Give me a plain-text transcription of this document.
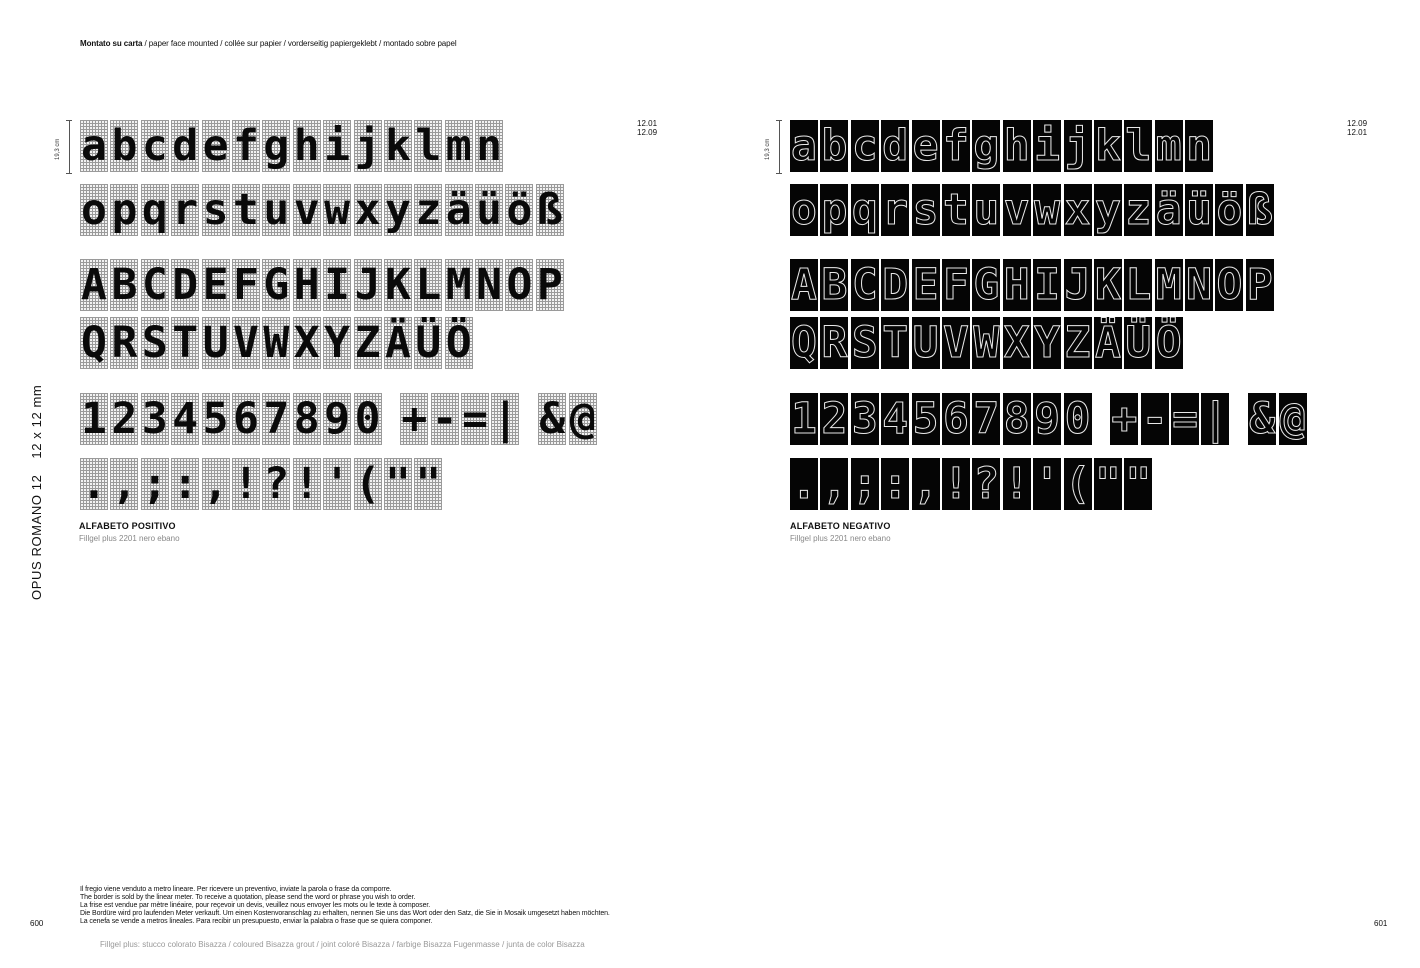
Montato su carta / paper face mounted / collée sur papier / vorderseitig papiergeklebt / montado sobre papel
OPUS ROMANO 1212 x 12 mm
19,3 cm
12.01
12.09
a b c d e f g h i j k l m n
o p q r s t u v w x y z ä ü ö ß
A B C D E F G H I J K L M N O P
Q R S T U V W X Y Z Ä Ü Ö
1 2 3 4 5 6 7 8 9 0 + - = | & @
. , ; : , ! ? ! ' ( " "
ALFABETO POSITIVO
Fillgel plus 2201 nero ebano
19,3 cm
12.09
12.01
a b c d e f g h i j k l m n
o p q r s t u v w x y z ä ü ö ß
A B C D E F G H I J K L M N O P
Q R S T U V W X Y Z Ä Ü Ö
1 2 3 4 5 6 7 8 9 0 + - = | & @
. , ; : , ! ? ! ' ( " "
ALFABETO NEGATIVO
Fillgel plus 2201 nero ebano
Il fregio viene venduto a metro lineare. Per ricevere un preventivo, inviate la parola o frase da comporre.
The border is sold by the linear meter. To receive a quotation, please send the word or phrase you wish to order.
La frise est vendue par mètre linéaire, pour reçevoir un devis, veuillez nous envoyer les mots ou le texte à composer.
Die Bordüre wird pro laufenden Meter verkauft. Um einen Kostenvoranschlag zu erhalten, nennen Sie uns das Wort oder den Satz, die Sie in Mosaik umgesetzt haben möchten.
La cenefa se vende a metros lineales. Para recibir un presupuesto, enviar la palabra o frase que se quiera componer.
Fillgel plus: stucco colorato Bisazza / coloured Bisazza grout / joint coloré Bisazza / farbige Bisazza Fugenmasse / junta de color Bisazza
600	601
